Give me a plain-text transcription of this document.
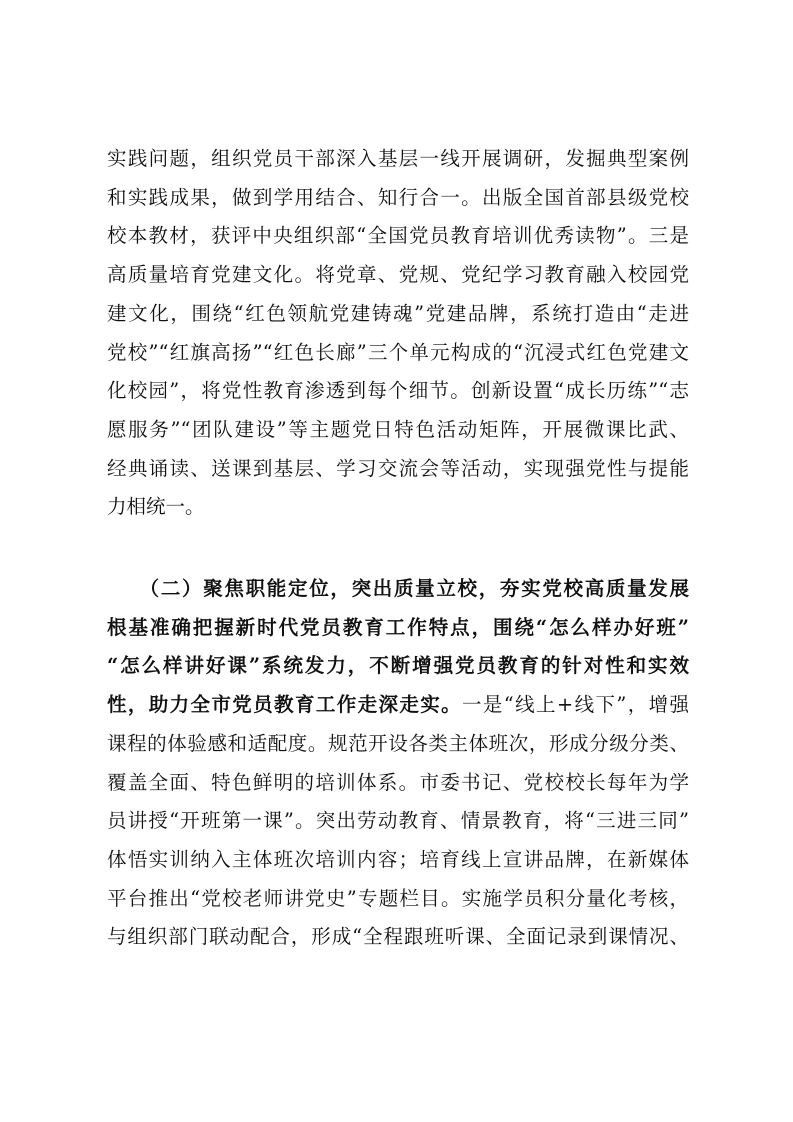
实践问题，组织党员干部深入基层一线开展调研，发掘典型案例
和实践成果，做到学用结合、知行合一。出版全国首部县级党校
校本教材，获评中央组织部“全国党员教育培训优秀读物”。三是
高质量培育党建文化。将党章、党规、党纪学习教育融入校园党
建文化，围绕“红色领航党建铸魂”党建品牌，系统打造由“走进
党校”“红旗高扬”“红色长廊”三个单元构成的“沉浸式红色党建文
化校园”，将党性教育渗透到每个细节。创新设置“成长历练”“志
愿服务”“团队建设”等主题党日特色活动矩阵，开展微课比武、
经典诵读、送课到基层、学习交流会等活动，实现强党性与提能
力相统一。
　　（二）聚焦职能定位，突出质量立校，夯实党校高质量发展
根基准确把握新时代党员教育工作特点，围绕“怎么样办好班”
“怎么样讲好课”系统发力，不断增强党员教育的针对性和实效
性，助力全市党员教育工作走深走实。一是“线上+线下”，增强
课程的体验感和适配度。规范开设各类主体班次，形成分级分类、
覆盖全面、特色鲜明的培训体系。市委书记、党校校长每年为学
员讲授“开班第一课”。突出劳动教育、情景教育，将“三进三同”
体悟实训纳入主体班次培训内容；培育线上宣讲品牌，在新媒体
平台推出“党校老师讲党史”专题栏目。实施学员积分量化考核，
与组织部门联动配合，形成“全程跟班听课、全面记录到课情况、
